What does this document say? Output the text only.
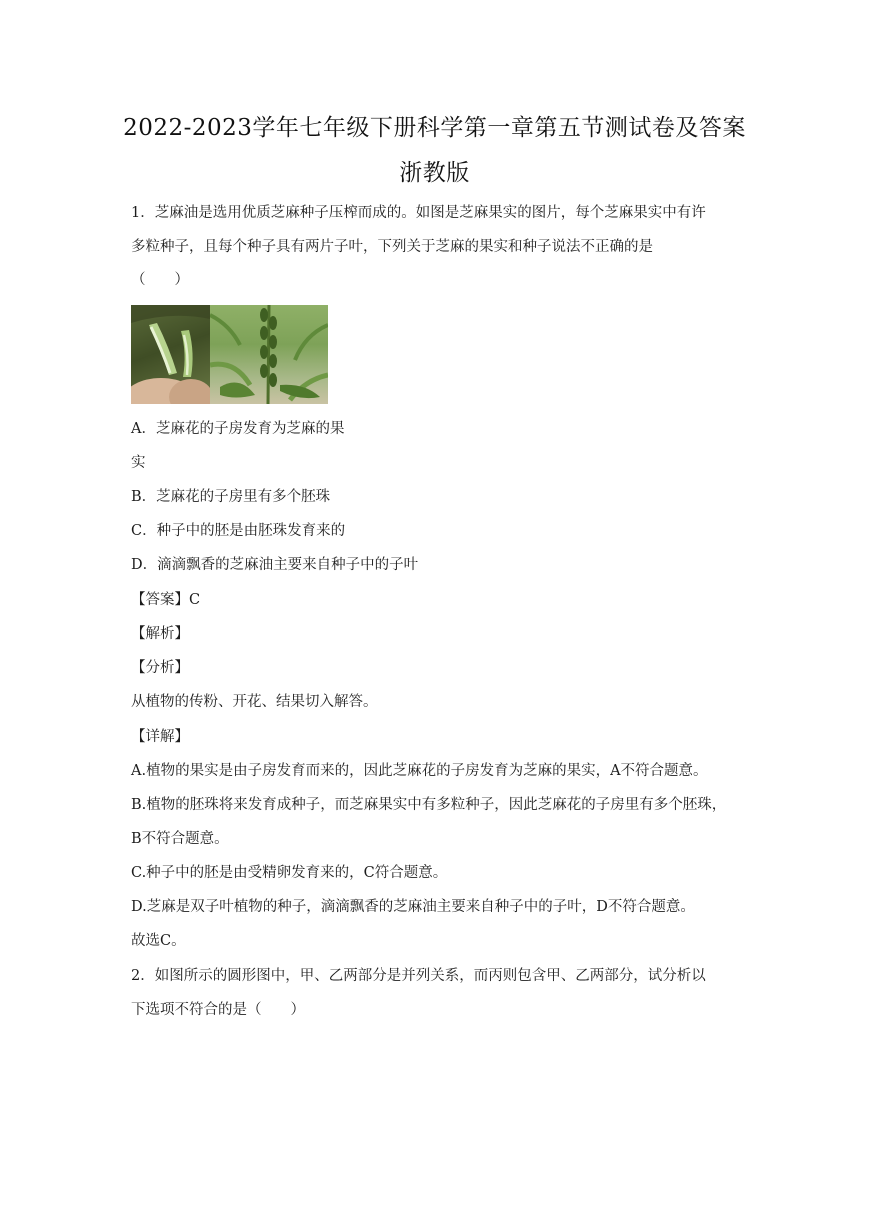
2022-2023学年七年级下册科学第一章第五节测试卷及答案
浙教版
1．芝麻油是选用优质芝麻种子压榨而成的。如图是芝麻果实的图片，每个芝麻果实中有许
多粒种子，且每个种子具有两片子叶，下列关于芝麻的果实和种子说法不正确的是
（　　）
A．芝麻花的子房发育为芝麻的果
实
B．芝麻花的子房里有多个胚珠
C．种子中的胚是由胚珠发育来的
D．滴滴飘香的芝麻油主要来自种子中的子叶
【答案】C
【解析】
【分析】
从植物的传粉、开花、结果切入解答。
【详解】
A.植物的果实是由子房发育而来的，因此芝麻花的子房发育为芝麻的果实，A不符合题意。
B.植物的胚珠将来发育成种子，而芝麻果实中有多粒种子，因此芝麻花的子房里有多个胚珠，
B不符合题意。
C.种子中的胚是由受精卵发育来的，C符合题意。
D.芝麻是双子叶植物的种子，滴滴飘香的芝麻油主要来自种子中的子叶，D不符合题意。
故选C。
2．如图所示的圆形图中，甲、乙两部分是并列关系，而丙则包含甲、乙两部分，试分析以
下选项不符合的是（　　）
